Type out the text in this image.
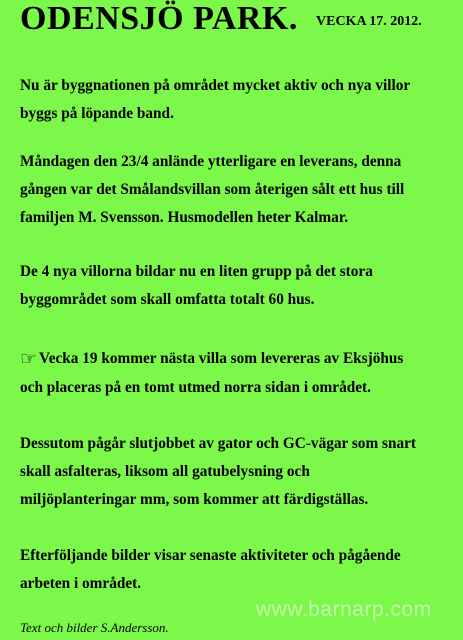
ODENSJÖ PARK. VECKA 17. 2012.
Nu är byggnationen på området mycket aktiv och nya villor
byggs på löpande band.
Måndagen den 23/4 anlände ytterligare en leverans, denna
gången var det Smålandsvillan som återigen sålt ett hus till
familjen M. Svensson. Husmodellen heter Kalmar.
De 4 nya villorna bildar nu en liten grupp på det stora
byggområdet som skall omfatta totalt 60 hus.
☞ Vecka 19 kommer nästa villa som levereras av Eksjöhus
och placeras på en tomt utmed norra sidan i området.
Dessutom pågår slutjobbet av gator och GC-vägar som snart
skall asfalteras, liksom all gatubelysning och
miljöplanteringar mm, som kommer att färdigställas.
Efterföljande bilder visar senaste aktiviteter och pågående
arbeten i området.
www.barnarp.com
Text och bilder S.Andersson.
